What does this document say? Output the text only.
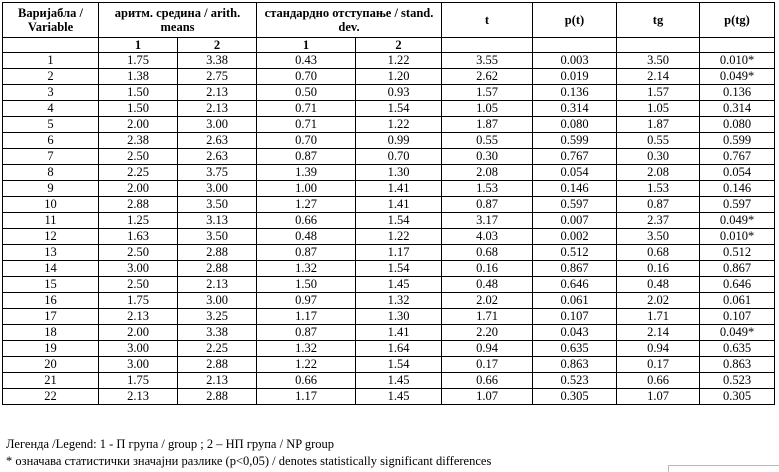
Варијабла / Variable	аритм. средина / arith. means		стандардно отступање / stand. dev.		t	p(t)	tg	p(tg)
	1	2	1	2				
1	1.75	3.38	0.43	1.22	3.55	0.003	3.50	0.010*
2	1.38	2.75	0.70	1.20	2.62	0.019	2.14	0.049*
3	1.50	2.13	0.50	0.93	1.57	0.136	1.57	0.136
4	1.50	2.13	0.71	1.54	1.05	0.314	1.05	0.314
5	2.00	3.00	0.71	1.22	1.87	0.080	1.87	0.080
6	2.38	2.63	0.70	0.99	0.55	0.599	0.55	0.599
7	2.50	2.63	0.87	0.70	0.30	0.767	0.30	0.767
8	2.25	3.75	1.39	1.30	2.08	0.054	2.08	0.054
9	2.00	3.00	1.00	1.41	1.53	0.146	1.53	0.146
10	2.88	3.50	1.27	1.41	0.87	0.597	0.87	0.597
11	1.25	3.13	0.66	1.54	3.17	0.007	2.37	0.049*
12	1.63	3.50	0.48	1.22	4.03	0.002	3.50	0.010*
13	2.50	2.88	0.87	1.17	0.68	0.512	0.68	0.512
14	3.00	2.88	1.32	1.54	0.16	0.867	0.16	0.867
15	2.50	2.13	1.50	1.45	0.48	0.646	0.48	0.646
16	1.75	3.00	0.97	1.32	2.02	0.061	2.02	0.061
17	2.13	3.25	1.17	1.30	1.71	0.107	1.71	0.107
18	2.00	3.38	0.87	1.41	2.20	0.043	2.14	0.049*
19	3.00	2.25	1.32	1.64	0.94	0.635	0.94	0.635
20	3.00	2.88	1.22	1.54	0.17	0.863	0.17	0.863
21	1.75	2.13	0.66	1.45	0.66	0.523	0.66	0.523
22	2.13	2.88	1.17	1.45	1.07	0.305	1.07	0.305
Легенда /Legend: 1 - П група / group ; 2 – НП група / NP group
* означава статистички значајни разлике (p<0,05) / denotes statistically significant differences
